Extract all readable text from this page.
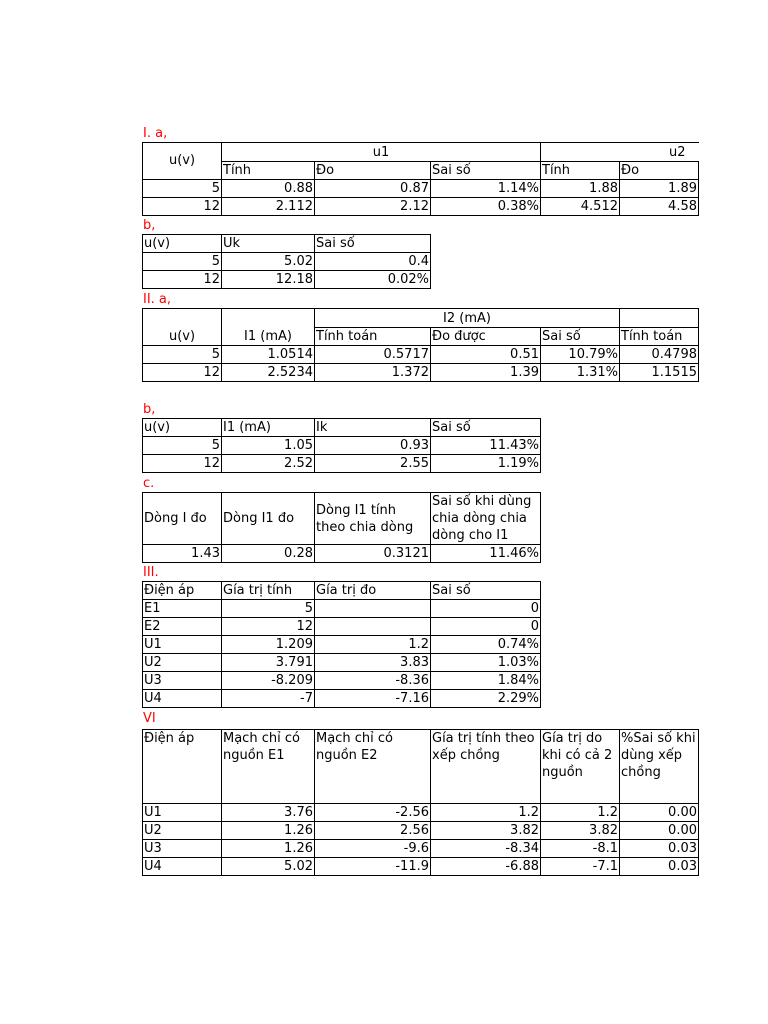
I. a,
u(v)	u1			u2	
	Tính	Đo	Sai số	Tính	Đo
5	0.88	0.87	1.14%	1.88	1.89
12	2.112	2.12	0.38%	4.512	4.58
b,
u(v)	Uk	Sai số
5	5.02	0.4
12	12.18	0.02%
II. a,
u(v)	I1 (mA)	I2 (mA)			
		Tính toán	Đo được	Sai số	Tính toán
5	1.0514	0.5717	0.51	10.79%	0.4798
12	2.5234	1.372	1.39	1.31%	1.1515
b,
u(v)	I1 (mA)	Ik	Sai số
5	1.05	0.93	11.43%
12	2.52	2.55	1.19%
c.
Dòng I đo	Dòng I1 đo	Dòng I1 tính theo chia dòng	Sai số khi dùng chia dòng chia dòng cho I1
1.43	0.28	0.3121	11.46%
III.
Điện áp	Gía trị tính	Gía trị đo	Sai số
E1	5		0
E2	12		0
U1	1.209	1.2	0.74%
U2	3.791	3.83	1.03%
U3	-8.209	-8.36	1.84%
U4	-7	-7.16	2.29%
VI
Điện áp	Mạch chỉ có nguồn E1	Mạch chỉ có nguồn E2	Gía trị tính theo xếp chồng	Gía trị do khi có cả 2 nguồn	%Sai số khi dùng xếp chồng
U1	3.76	-2.56	1.2	1.2	0.00
U2	1.26	2.56	3.82	3.82	0.00
U3	1.26	-9.6	-8.34	-8.1	0.03
U4	5.02	-11.9	-6.88	-7.1	0.03
